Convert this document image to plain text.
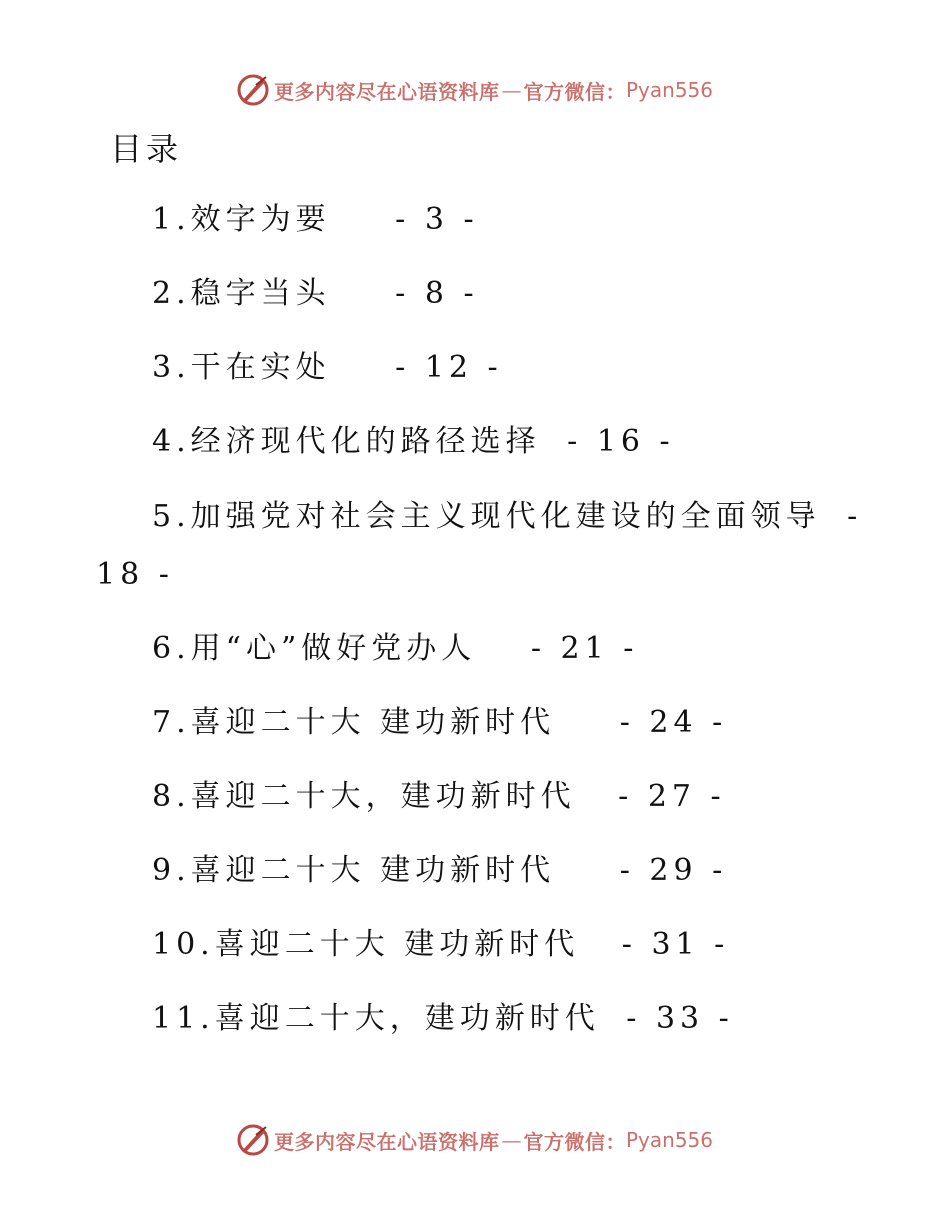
更多内容尽在心语资料库 — 官方微信： Pyan556
目录
1.效字为要 - 3 -
2.稳字当头 - 8 -
3.干在实处 - 12 -
4.经济现代化的路径选择 - 16 -
5.加强党对社会主义现代化建设的全面领导 -
18 -
6.用“心”做好党办人 - 21 -
7.喜迎二十大 建功新时代 - 24 -
8.喜迎二十大，建功新时代 - 27 -
9.喜迎二十大 建功新时代 - 29 -
10.喜迎二十大 建功新时代 - 31 -
11.喜迎二十大，建功新时代 - 33 -
更多内容尽在心语资料库 — 官方微信： Pyan556
